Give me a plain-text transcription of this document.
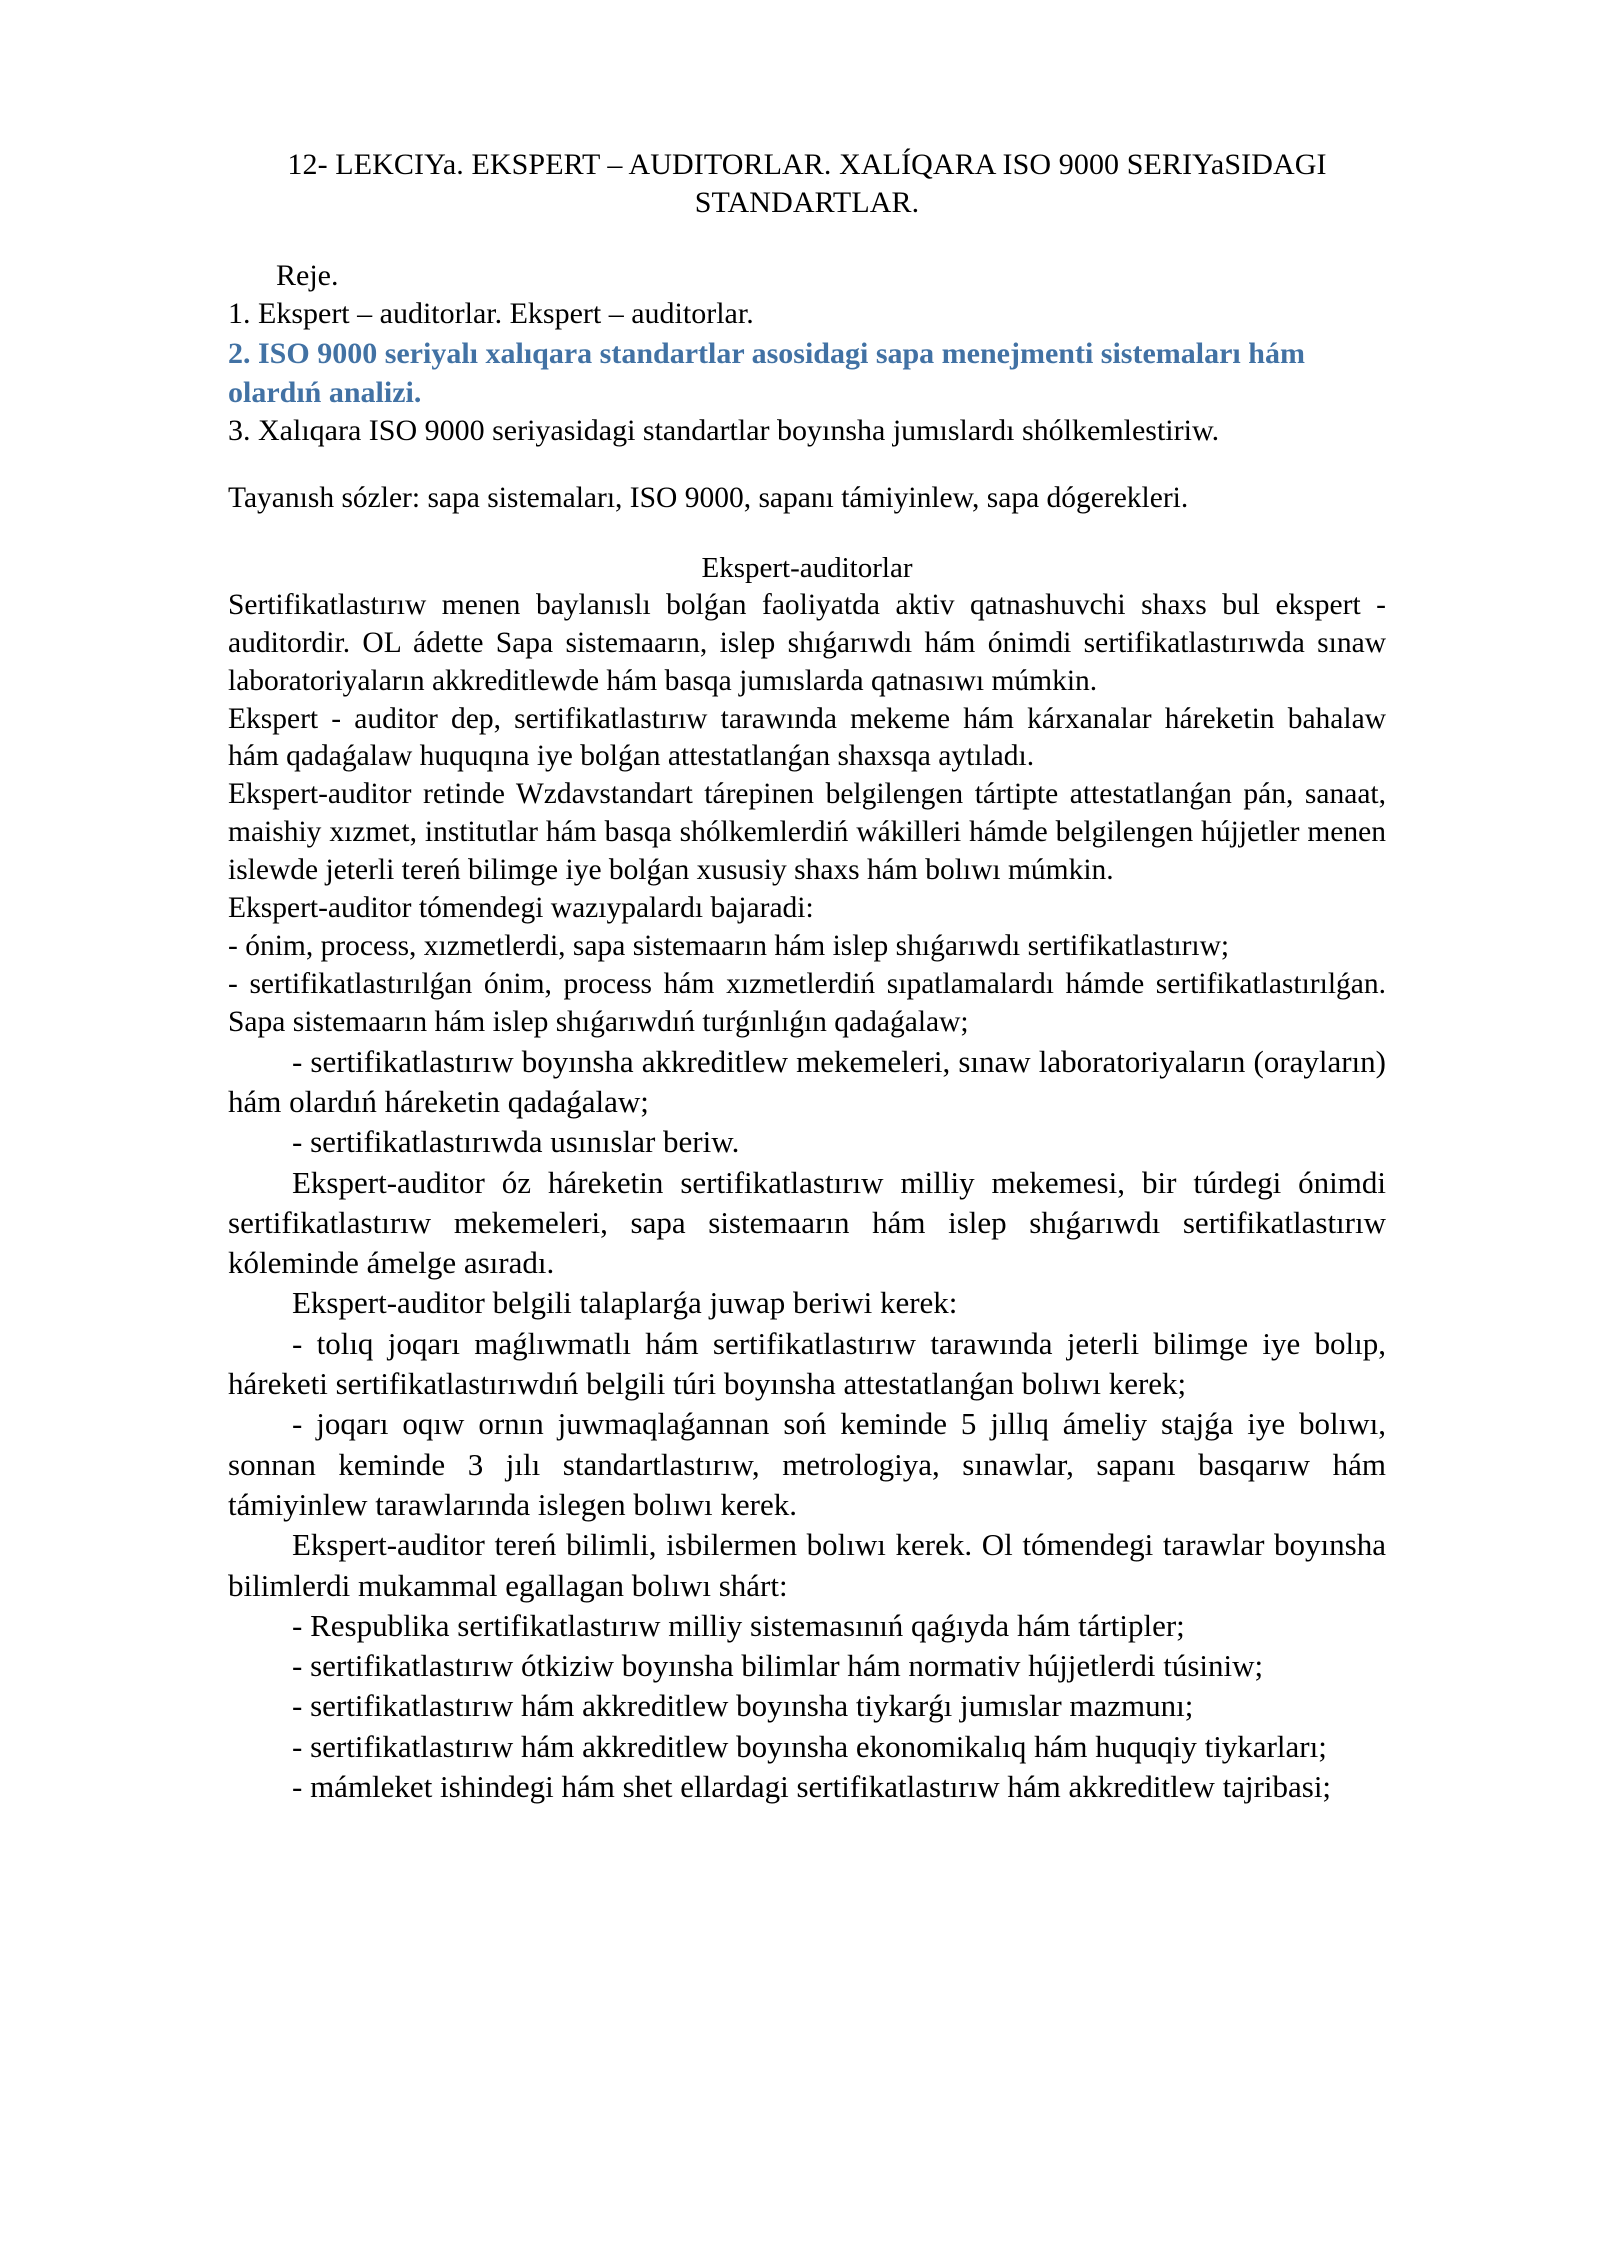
12- LEKCIYa. EKSPERT – AUDITORLAR. XALÍQARA ISO 9000 SERIYaSIDAGI
STANDARTLAR.

Reje.

1. Ekspert – auditorlar. Ekspert – auditorlar.

2. ISO 9000 seriyalı xalıqara standartlar asosidagi sapa menejmenti sistemaları hám olardıń analizi.

3. Xalıqara ISO 9000 seriyasidagi standartlar boyınsha jumıslardı shólkemlestiriw.

Tayanısh sózler: sapa sistemaları, ISO 9000, sapanı támiyinlew, sapa dógerekleri.

Ekspert-auditorlar

Sertifikatlastırıw menen baylanıslı bolǵan faoliyatda aktiv qatnashuvchi shaxs bul ekspert - auditordir. OL ádette Sapa sistemaarın, islep shıǵarıwdı hám ónimdi sertifikatlastırıwda sınaw laboratoriyaların akkreditlewde hám basqa jumıslarda qatnasıwı múmkin.

Ekspert - auditor dep, sertifikatlastırıw tarawında mekeme hám kárxanalar háreketin bahalaw hám qadaǵalaw huquqına iye bolǵan attestatlanǵan shaxsqa aytıladı.

Ekspert-auditor retinde Wzdavstandart tárepinen belgilengen tártipte attestatlanǵan pán, sanaat, maishiy xızmet, institutlar hám basqa shólkemlerdiń wákilleri hámde belgilengen hújjetler menen islewde jeterli tereń bilimge iye bolǵan xususiy shaxs hám bolıwı múmkin.

Ekspert-auditor tómendegi wazıypalardı bajaradi:

- ónim, process, xızmetlerdi, sapa sistemaarın hám islep shıǵarıwdı sertifikatlastırıw;

- sertifikatlastırılǵan ónim, process hám xızmetlerdiń sıpatlamalardı hámde sertifikatlastırılǵan. Sapa sistemaarın hám islep shıǵarıwdıń turǵınlıǵın qadaǵalaw;

- sertifikatlastırıw boyınsha akkreditlew mekemeleri, sınaw laboratoriyaların (orayların) hám olardıń háreketin qadaǵalaw;

- sertifikatlastırıwda usınıslar beriw.

Ekspert-auditor óz háreketin sertifikatlastırıw milliy mekemesi, bir túrdegi ónimdi sertifikatlastırıw mekemeleri, sapa sistemaarın hám islep shıǵarıwdı sertifikatlastırıw kóleminde ámelge asıradı.

Ekspert-auditor belgili talaplarǵa juwap beriwi kerek:

- tolıq joqarı maǵlıwmatlı hám sertifikatlastırıw tarawında jeterli bilimge iye bolıp, háreketi sertifikatlastırıwdıń belgili túri boyınsha attestatlanǵan bolıwı kerek;

- joqarı oqıw ornın juwmaqlaǵannan soń keminde 5 jıllıq ámeliy stajǵa iye bolıwı, sonnan keminde 3 jılı standartlastırıw, metrologiya, sınawlar, sapanı basqarıw hám támiyinlew tarawlarında islegen bolıwı kerek.

Ekspert-auditor tereń bilimli, isbilermen bolıwı kerek. Ol tómendegi tarawlar boyınsha bilimlerdi mukammal egallagan bolıwı shárt:

- Respublika sertifikatlastırıw milliy sistemasınıń qaǵıyda hám tártipler;

- sertifikatlastırıw ótkiziw boyınsha bilimlar hám normativ hújjetlerdi túsiniw;

- sertifikatlastırıw hám akkreditlew boyınsha tiykarǵı jumıslar mazmunı;

- sertifikatlastırıw hám akkreditlew boyınsha ekonomikalıq hám huquqiy tiykarları;

- mámleket ishindegi hám shet ellardagi sertifikatlastırıw hám akkreditlew tajribasi;
